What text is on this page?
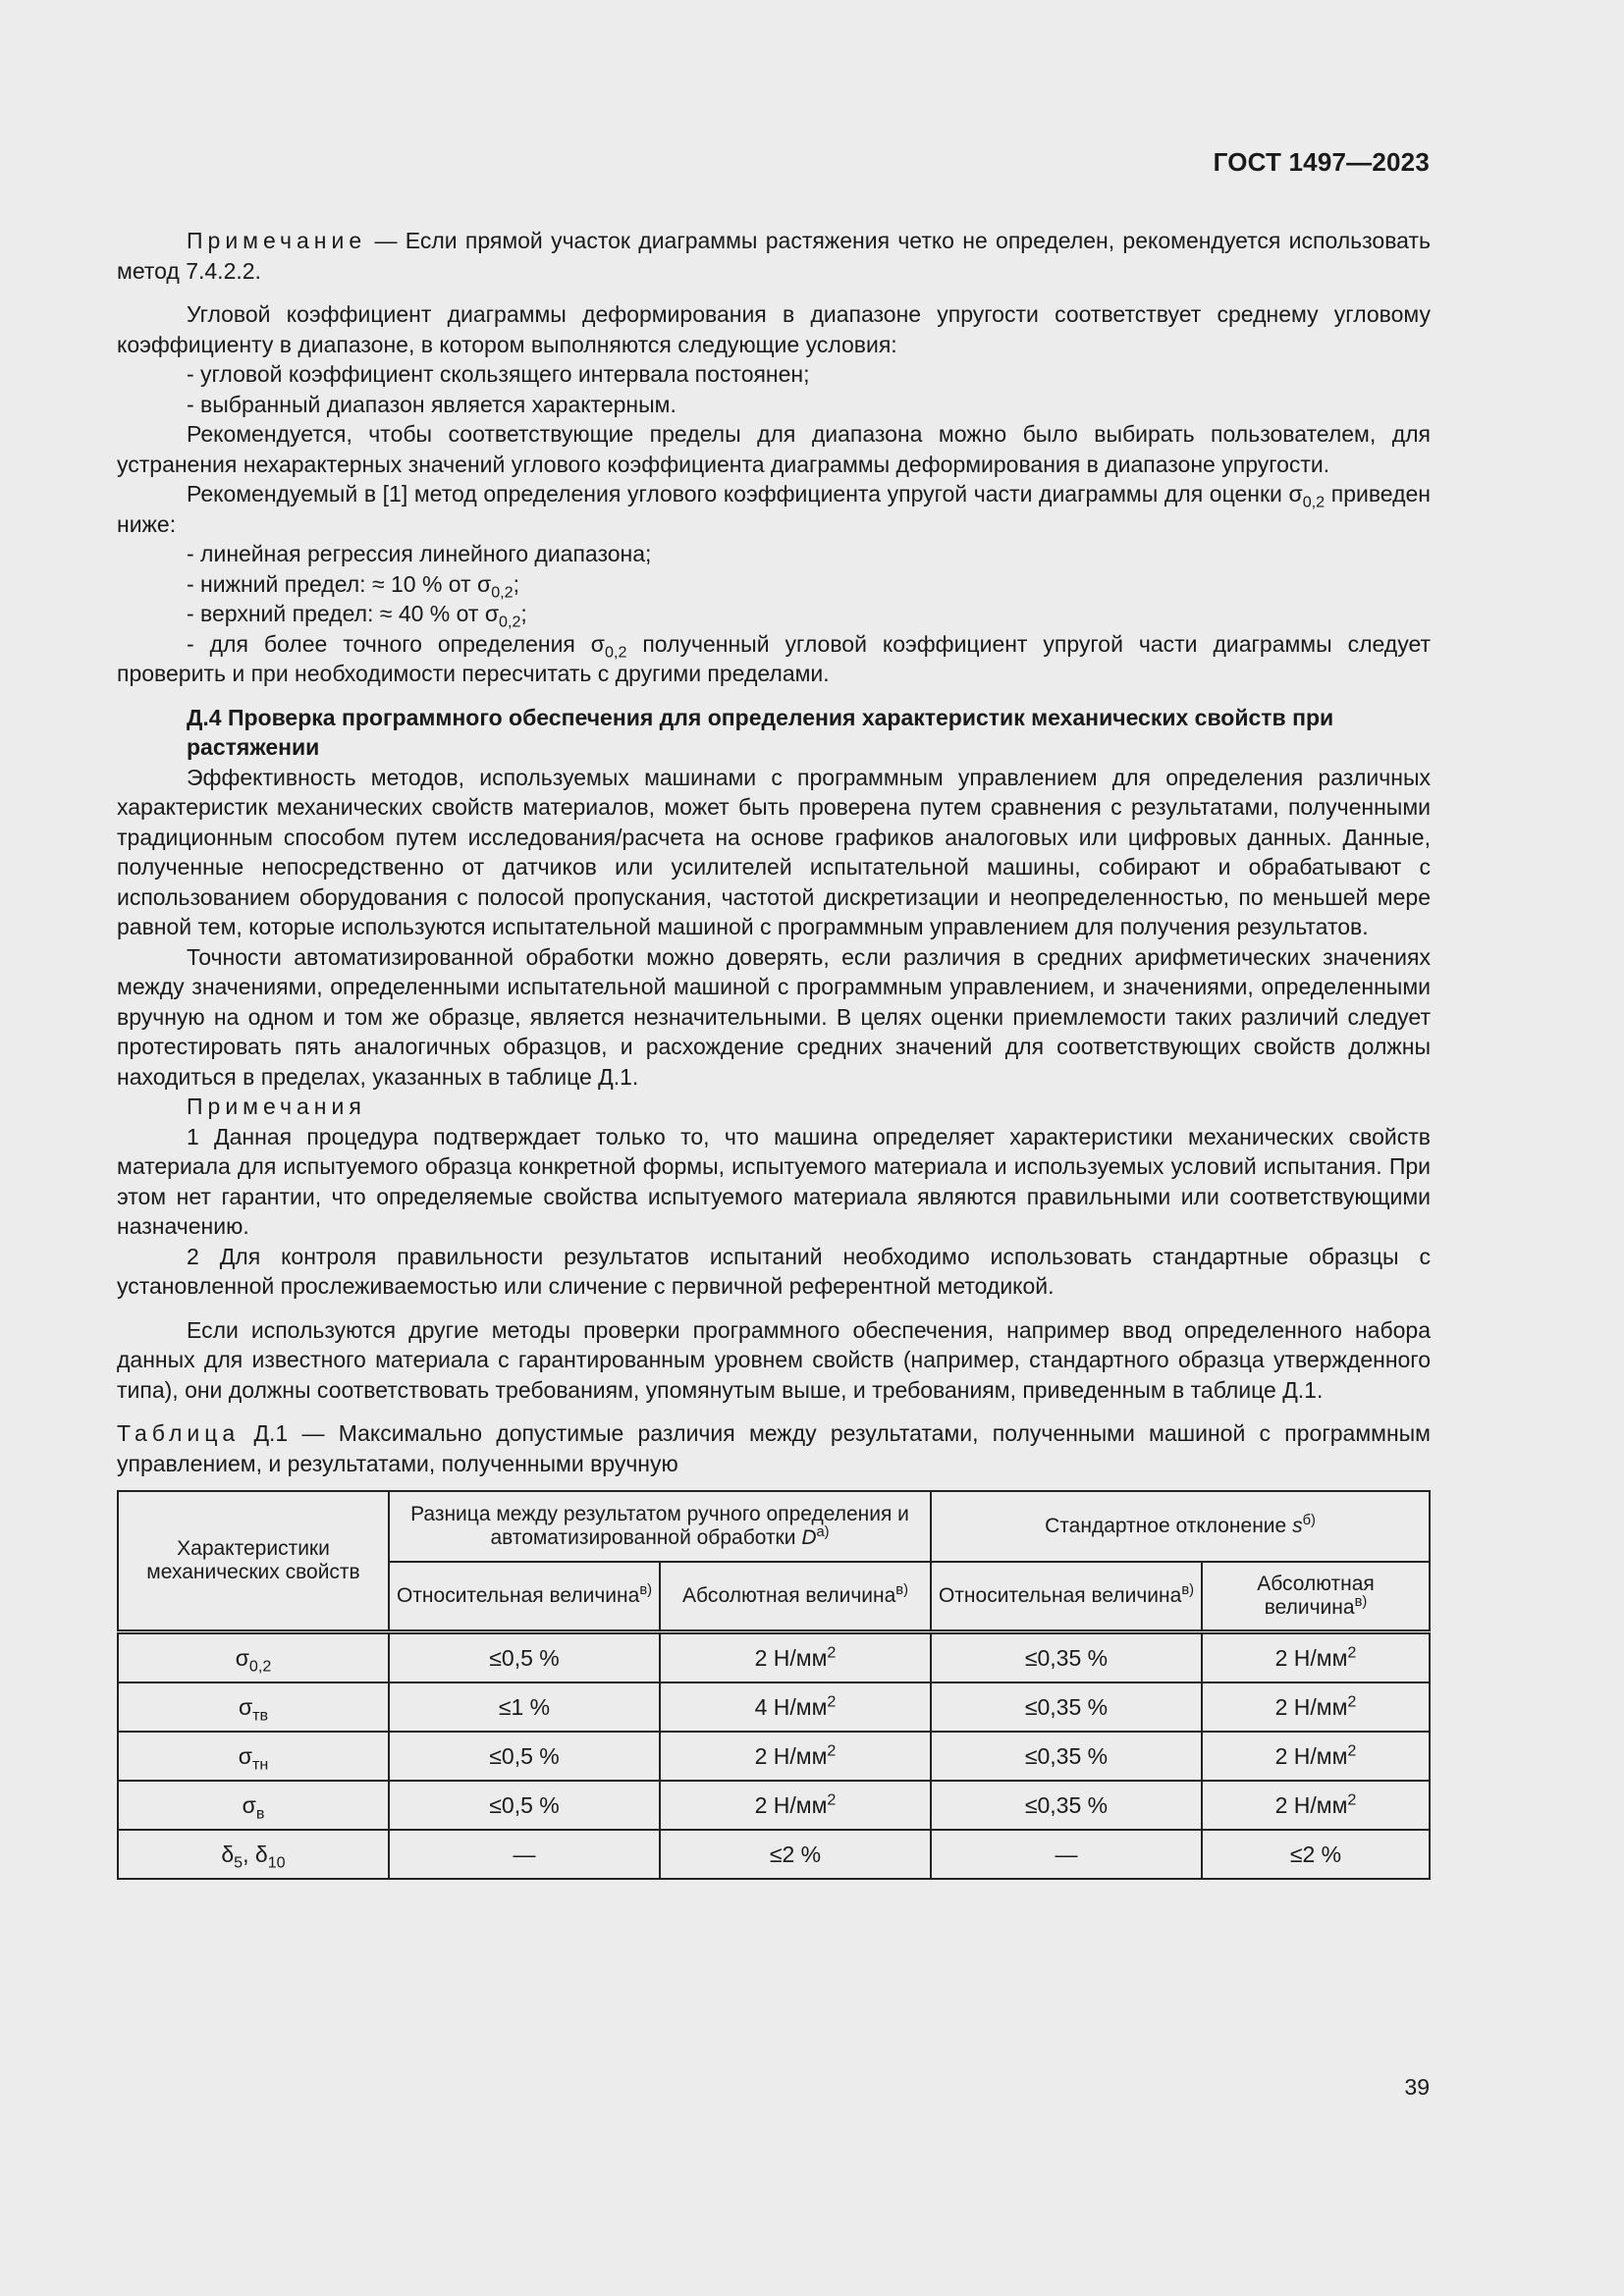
ГОСТ 1497—2023

Примечание — Если прямой участок диаграммы растяжения четко не определен, рекомендуется использовать метод 7.4.2.2.

Угловой коэффициент диаграммы деформирования в диапазоне упругости соответствует среднему угловому коэффициенту в диапазоне, в котором выполняются следующие условия:

- угловой коэффициент скользящего интервала постоянен;

- выбранный диапазон является характерным.

Рекомендуется, чтобы соответствующие пределы для диапазона можно было выбирать пользователем, для устранения нехарактерных значений углового коэффициента диаграммы деформирования в диапазоне упругости.

Рекомендуемый в [1] метод определения углового коэффициента упругой части диаграммы для оценки $\sigma_{0,2}$ приведен ниже:

- линейная регрессия линейного диапазона;

- нижний предел: ≈ 10 % от $\sigma_{0,2}$;

- верхний предел: ≈ 40 % от $\sigma_{0,2}$;

- для более точного определения $\sigma_{0,2}$ полученный угловой коэффициент упругой части диаграммы следует проверить и при необходимости пересчитать с другими пределами.

Д.4 Проверка программного обеспечения для определения характеристик механических свойств при растяжении

Эффективность методов, используемых машинами с программным управлением для определения различных характеристик механических свойств материалов, может быть проверена путем сравнения с результатами, полученными традиционным способом путем исследования/расчета на основе графиков аналоговых или цифровых данных. Данные, полученные непосредственно от датчиков или усилителей испытательной машины, собирают и обрабатывают с использованием оборудования с полосой пропускания, частотой дискретизации и неопределенностью, по меньшей мере равной тем, которые используются испытательной машиной с программным управлением для получения результатов.

Точности автоматизированной обработки можно доверять, если различия в средних арифметических значениях между значениями, определенными испытательной машиной с программным управлением, и значениями, определенными вручную на одном и том же образце, является незначительными. В целях оценки приемлемости таких различий следует протестировать пять аналогичных образцов, и расхождение средних значений для соответствующих свойств должны находиться в пределах, указанных в таблице Д.1.

Примечания

1 Данная процедура подтверждает только то, что машина определяет характеристики механических свойств материала для испытуемого образца конкретной формы, испытуемого материала и используемых условий испытания. При этом нет гарантии, что определяемые свойства испытуемого материала являются правильными или соответствующими назначению.

2 Для контроля правильности результатов испытаний необходимо использовать стандартные образцы с установленной прослеживаемостью или сличение с первичной референтной методикой.

Если используются другие методы проверки программного обеспечения, например ввод определенного набора данных для известного материала с гарантированным уровнем свойств (например, стандартного образца утвержденного типа), они должны соответствовать требованиям, упомянутым выше, и требованиям, приведенным в таблице Д.1.

Таблица Д.1 — Максимально допустимые различия между результатами, полученными машиной с программным управлением, и результатами, полученными вручную

Характеристики механических свойств	Разница между результатом ручного определения и автоматизированной обработки $D^{а)}$		Стандартное отклонение $s^{б)}$
	Относительная величина$^{в)}$	Абсолютная величина$^{в)}$	Относительная величина$^{в)}$	Абсолютная величина$^{в)}$
$\sigma_{0,2}$	≤0,5 %	2 $Н/мм^2$	≤0,35 %	2 $Н/мм^2$
$\sigma_{тв}$	≤1 %	4 $Н/мм^2$	≤0,35 %	2 $Н/мм^2$
$\sigma_{тн}$	≤0,5 %	2 $Н/мм^2$	≤0,35 %	2 $Н/мм^2$
$\sigma_в$	≤0,5 %	2 $Н/мм^2$	≤0,35 %	2 $Н/мм^2$
$\delta_5$, $\delta_{10}$	—	≤2 %	—	≤2 %
39
